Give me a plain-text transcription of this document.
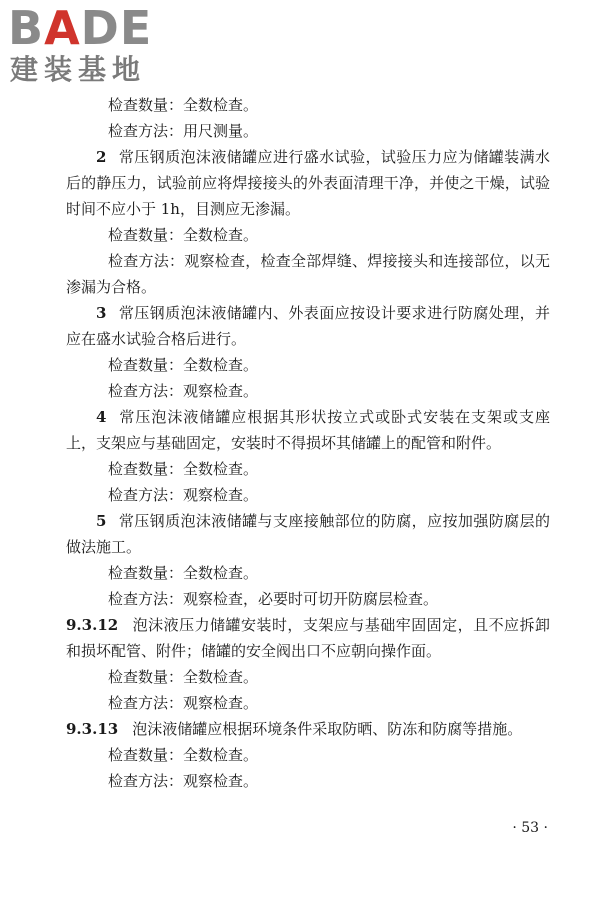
BADE
建装基地

检查数量：全数检查。

检查方法：用尺测量。

2 常压钢质泡沫液储罐应进行盛水试验，试验压力应为储罐装满水后的静压力，试验前应将焊接接头的外表面清理干净，并使之干燥，试验时间不应小于 1h，目测应无渗漏。

检查数量：全数检查。

检查方法：观察检查，检查全部焊缝、焊接接头和连接部位，以无渗漏为合格。

3 常压钢质泡沫液储罐内、外表面应按设计要求进行防腐处理，并应在盛水试验合格后进行。

检查数量：全数检查。

检查方法：观察检查。

4 常压泡沫液储罐应根据其形状按立式或卧式安装在支架或支座上，支架应与基础固定，安装时不得损坏其储罐上的配管和附件。

检查数量：全数检查。

检查方法：观察检查。

5 常压钢质泡沫液储罐与支座接触部位的防腐，应按加强防腐层的做法施工。

检查数量：全数检查。

检查方法：观察检查，必要时可切开防腐层检查。

9.3.12 泡沫液压力储罐安装时，支架应与基础牢固固定，且不应拆卸和损坏配管、附件；储罐的安全阀出口不应朝向操作面。

检查数量：全数检查。

检查方法：观察检查。

9.3.13 泡沫液储罐应根据环境条件采取防晒、防冻和防腐等措施。

检查数量：全数检查。

检查方法：观察检查。

· 53 ·
